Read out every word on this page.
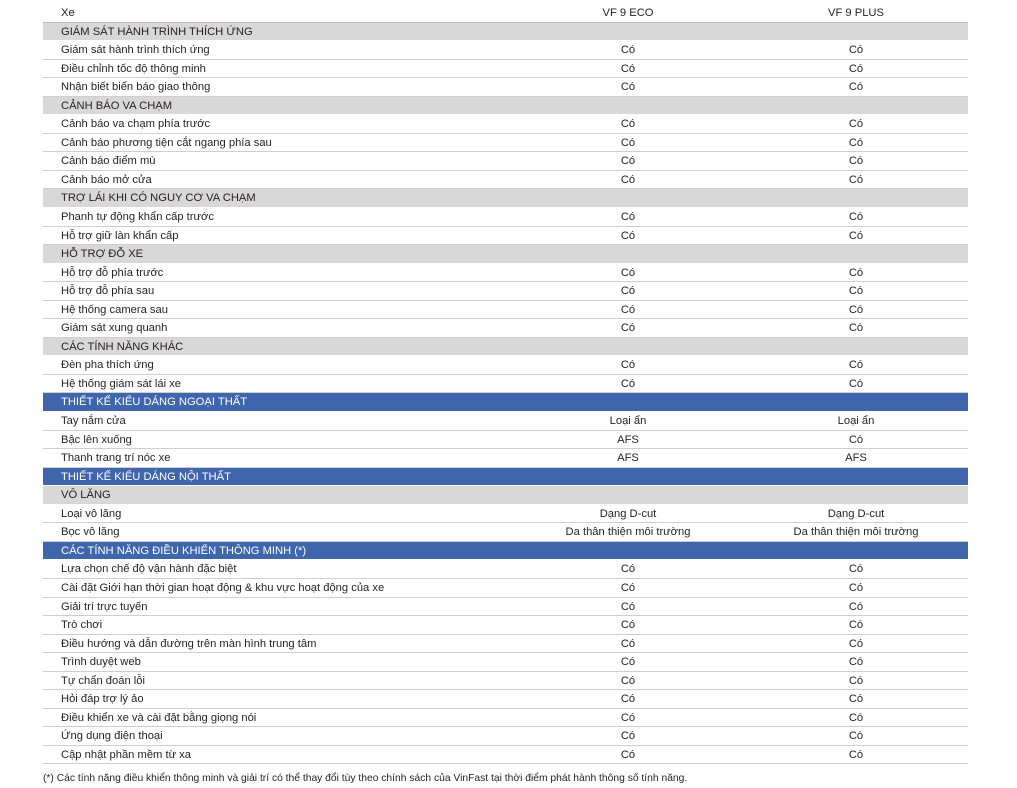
Xe	VF 9 ECO	VF 9 PLUS
GIÁM SÁT HÀNH TRÌNH THÍCH ỨNG
Giám sát hành trình thích ứng	Có	Có
Điều chỉnh tốc độ thông minh	Có	Có
Nhận biết biển báo giao thông	Có	Có
CẢNH BÁO VA CHẠM
Cảnh báo va chạm phía trước	Có	Có
Cảnh báo phương tiện cắt ngang phía sau	Có	Có
Cảnh báo điểm mù	Có	Có
Cảnh báo mở cửa	Có	Có
TRỢ LÁI KHI CÓ NGUY CƠ VA CHẠM
Phanh tự động khẩn cấp trước	Có	Có
Hỗ trợ giữ làn khẩn cấp	Có	Có
HỖ TRỢ ĐỖ XE
Hỗ trợ đỗ phía trước	Có	Có
Hỗ trợ đỗ phía sau	Có	Có
Hệ thống camera sau	Có	Có
Giám sát xung quanh	Có	Có
CÁC TÍNH NĂNG KHÁC
Đèn pha thích ứng	Có	Có
Hệ thống giám sát lái xe	Có	Có
THIẾT KẾ KIỂU DÁNG NGOẠI THẤT
Tay nắm cửa	Loại ẩn	Loại ẩn
Bậc lên xuống	AFS	Có
Thanh trang trí nóc xe	AFS	AFS
THIẾT KẾ KIỂU DÁNG NỘI THẤT
VÔ LĂNG
Loại vô lăng	Dạng D-cut	Dạng D-cut
Bọc vô lăng	Da thân thiện môi trường	Da thân thiện môi trường
CÁC TÍNH NĂNG ĐIỀU KHIỂN THÔNG MINH (*)
Lựa chọn chế độ vận hành đặc biệt	Có	Có
Cài đặt Giới hạn thời gian hoạt động & khu vực hoạt động của xe	Có	Có
Giải trí trực tuyến	Có	Có
Trò chơi	Có	Có
Điều hướng và dẫn đường trên màn hình trung tâm	Có	Có
Trình duyệt web	Có	Có
Tự chẩn đoán lỗi	Có	Có
Hỏi đáp trợ lý ảo	Có	Có
Điều khiển xe và cài đặt bằng giọng nói	Có	Có
Ứng dụng điện thoại	Có	Có
Cập nhật phần mềm từ xa	Có	Có
(*) Các tính năng điều khiển thông minh và giải trí có thể thay đổi tùy theo chính sách của VinFast tại thời điểm phát hành thông số tính năng.
